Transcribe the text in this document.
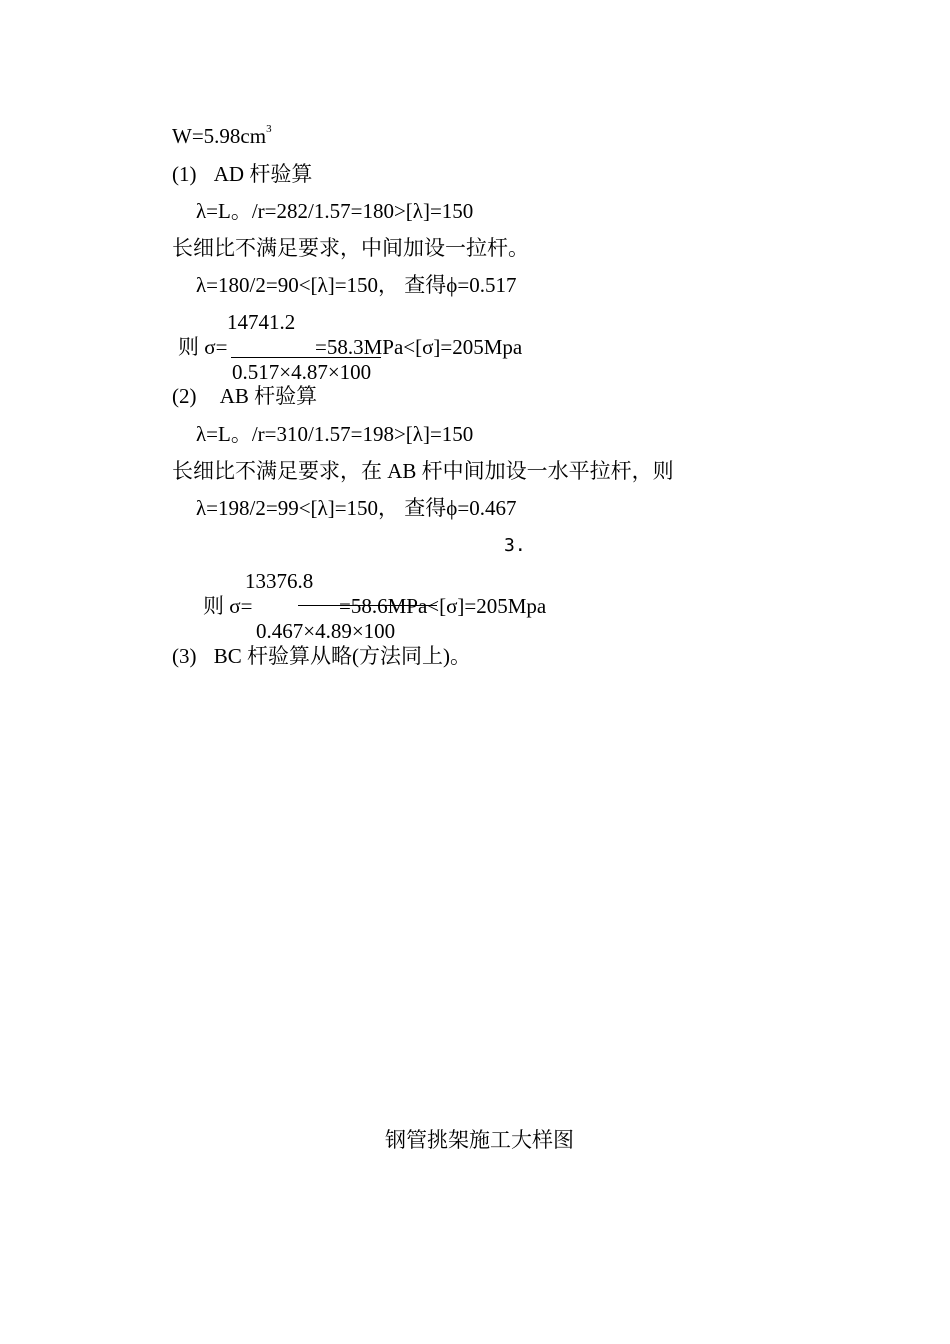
$W=5.98cm^3$
(1) AD 杆验算
λ=L。/r=282/1.57=180>[λ]=150
长细比不满足要求，中间加设一拉杆。
λ=180/2=90<[λ]=150， 查得ϕ=0.517
14741.2
则 σ=	=58.3MPa<[σ]=205Mpa
0.517×4.87×100
(2) AB 杆验算
λ=L。/r=310/1.57=198>[λ]=150
长细比不满足要求，在 AB 杆中间加设一水平拉杆，则
λ=198/2=99<[λ]=150， 查得ϕ=0.467
3.
13376.8
则 σ=	=58.6MPa<[σ]=205Mpa
0.467×4.89×100
(3) BC 杆验算从略(方法同上)。
钢管挑架施工大样图
